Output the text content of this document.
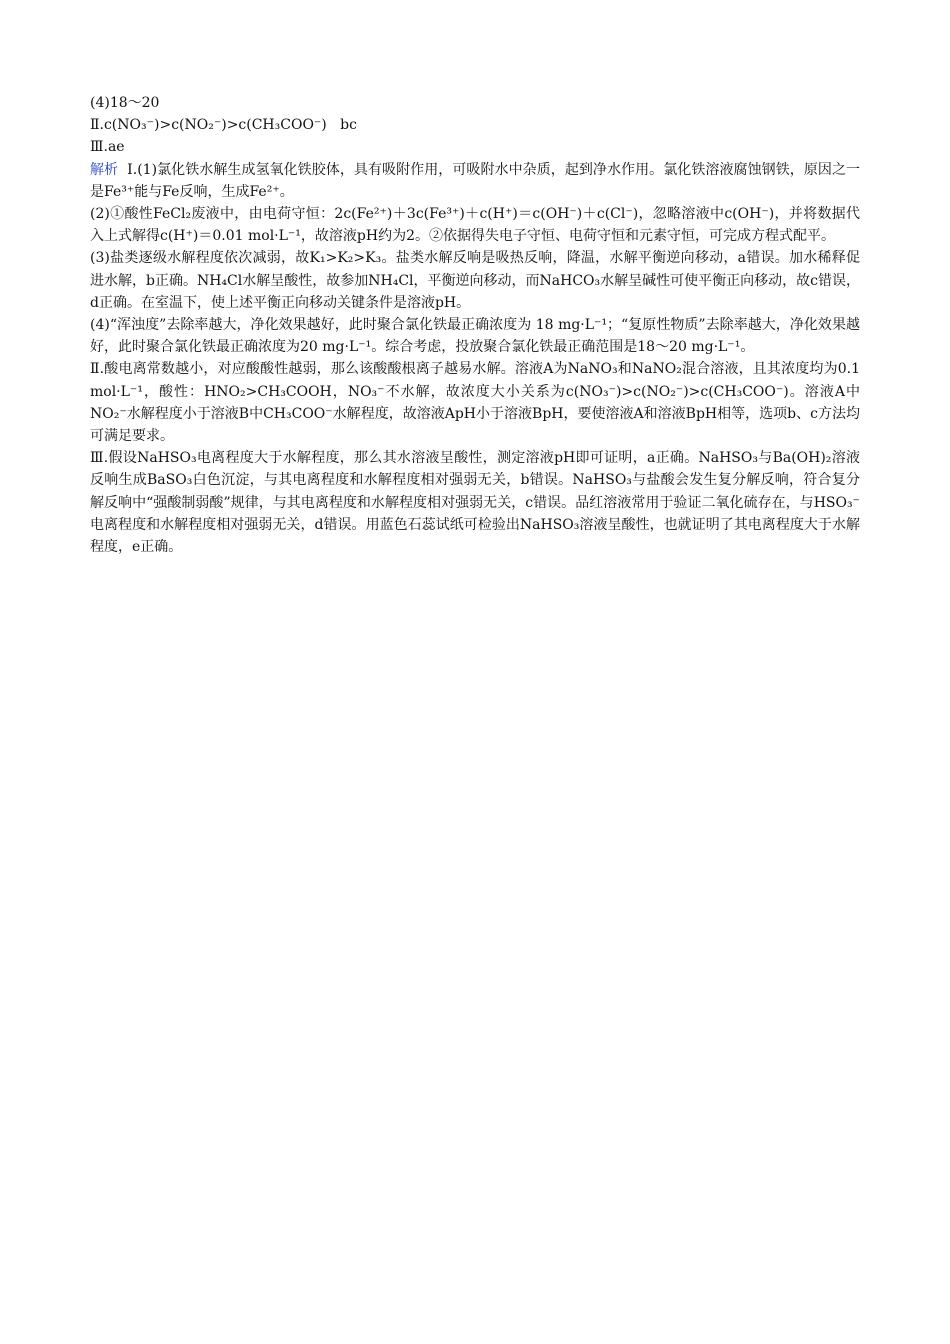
(4)18～20
Ⅱ.c(NO₃⁻)>c(NO₂⁻)>c(CH₃COO⁻) bc
Ⅲ.ae

解析 Ⅰ.(1)氯化铁水解生成氢氧化铁胶体，具有吸附作用，可吸附水中杂质，起到净水作用。氯化铁溶液腐蚀钢铁，原因之一是Fe³⁺能与Fe反响，生成Fe²⁺。

(2)①酸性FeCl₂废液中，由电荷守恒：2c(Fe²⁺)＋3c(Fe³⁺)＋c(H⁺)＝c(OH⁻)＋c(Cl⁻)，忽略溶液中c(OH⁻)，并将数据代入上式解得c(H⁺)＝0.01 mol·L⁻¹，故溶液pH约为2。②依据得失电子守恒、电荷守恒和元素守恒，可完成方程式配平。

(3)盐类逐级水解程度依次减弱，故K₁>K₂>K₃。盐类水解反响是吸热反响，降温，水解平衡逆向移动，a错误。加水稀释促进水解，b正确。NH₄Cl水解呈酸性，故参加NH₄Cl，平衡逆向移动，而NaHCO₃水解呈碱性可使平衡正向移动，故c错误，d正确。在室温下，使上述平衡正向移动关键条件是溶液pH。

(4)“浑浊度”去除率越大，净化效果越好，此时聚合氯化铁最正确浓度为 18 mg·L⁻¹；“复原性物质”去除率越大，净化效果越好，此时聚合氯化铁最正确浓度为20 mg·L⁻¹。综合考虑，投放聚合氯化铁最正确范围是18～20 mg·L⁻¹。

Ⅱ.酸电离常数越小，对应酸酸性越弱，那么该酸酸根离子越易水解。溶液A为NaNO₃和NaNO₂混合溶液，且其浓度均为0.1 mol·L⁻¹，酸性：HNO₂>CH₃COOH，NO₃⁻不水解，故浓度大小关系为c(NO₃⁻)>c(NO₂⁻)>c(CH₃COO⁻)。溶液A中NO₂⁻水解程度小于溶液B中CH₃COO⁻水解程度，故溶液ApH小于溶液BpH，要使溶液A和溶液BpH相等，选项b、c方法均可满足要求。

Ⅲ.假设NaHSO₃电离程度大于水解程度，那么其水溶液呈酸性，测定溶液pH即可证明，a正确。NaHSO₃与Ba(OH)₂溶液反响生成BaSO₃白色沉淀，与其电离程度和水解程度相对强弱无关，b错误。NaHSO₃与盐酸会发生复分解反响，符合复分解反响中“强酸制弱酸”规律，与其电离程度和水解程度相对强弱无关，c错误。品红溶液常用于验证二氧化硫存在，与HSO₃⁻电离程度和水解程度相对强弱无关，d错误。用蓝色石蕊试纸可检验出NaHSO₃溶液呈酸性，也就证明了其电离程度大于水解程度，e正确。
